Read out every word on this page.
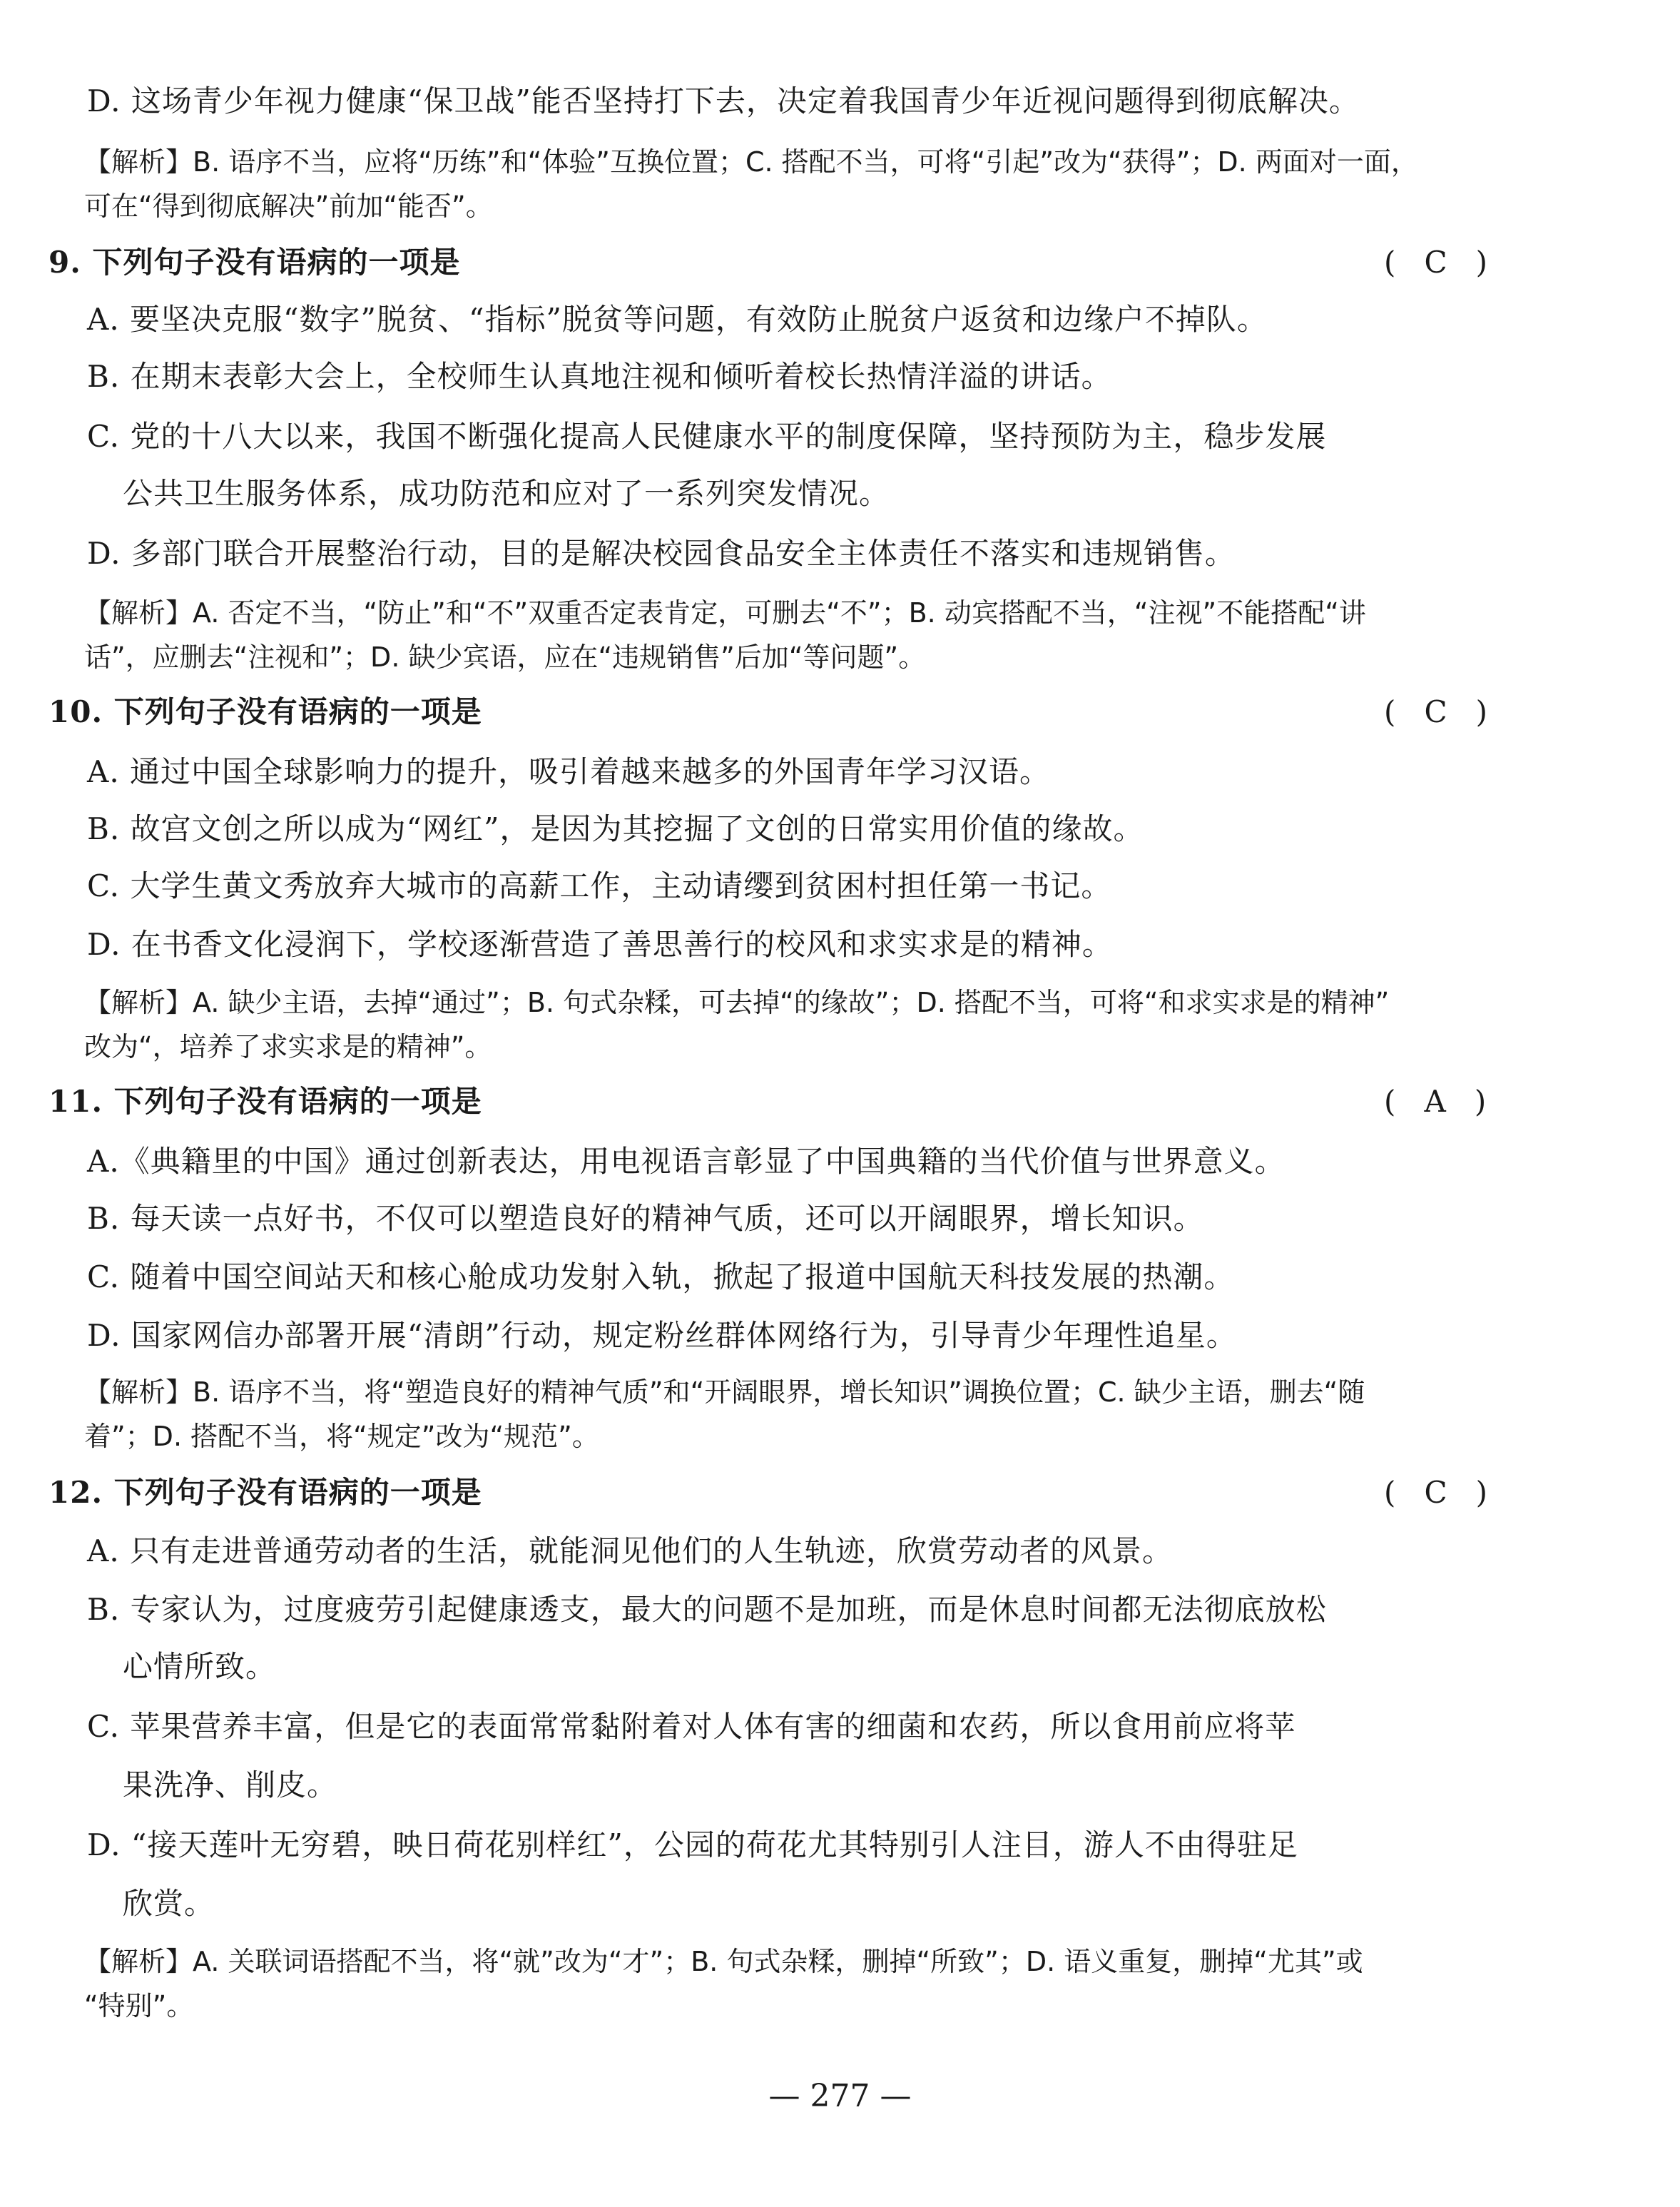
D. 这场青少年视力健康“保卫战”能否坚持打下去，决定着我国青少年近视问题得到彻底解决。
【解析】B. 语序不当，应将“历练”和“体验”互换位置；C. 搭配不当，可将“引起”改为“获得”；D. 两面对一面，
可在“得到彻底解决”前加“能否”。
9. 下列句子没有语病的一项是	(   C   )
A. 要坚决克服“数字”脱贫、“指标”脱贫等问题，有效防止脱贫户返贫和边缘户不掉队。
B. 在期末表彰大会上，全校师生认真地注视和倾听着校长热情洋溢的讲话。
C. 党的十八大以来，我国不断强化提高人民健康水平的制度保障，坚持预防为主，稳步发展
公共卫生服务体系，成功防范和应对了一系列突发情况。
D. 多部门联合开展整治行动，目的是解决校园食品安全主体责任不落实和违规销售。
【解析】A. 否定不当，“防止”和“不”双重否定表肯定，可删去“不”；B. 动宾搭配不当，“注视”不能搭配“讲
话”，应删去“注视和”；D. 缺少宾语，应在“违规销售”后加“等问题”。
10. 下列句子没有语病的一项是	(   C   )
A. 通过中国全球影响力的提升，吸引着越来越多的外国青年学习汉语。
B. 故宫文创之所以成为“网红”，是因为其挖掘了文创的日常实用价值的缘故。
C. 大学生黄文秀放弃大城市的高薪工作，主动请缨到贫困村担任第一书记。
D. 在书香文化浸润下，学校逐渐营造了善思善行的校风和求实求是的精神。
【解析】A. 缺少主语，去掉“通过”；B. 句式杂糅，可去掉“的缘故”；D. 搭配不当，可将“和求实求是的精神”
改为“，培养了求实求是的精神”。
11. 下列句子没有语病的一项是	(   A   )
A.《典籍里的中国》通过创新表达，用电视语言彰显了中国典籍的当代价值与世界意义。
B. 每天读一点好书，不仅可以塑造良好的精神气质，还可以开阔眼界，增长知识。
C. 随着中国空间站天和核心舱成功发射入轨，掀起了报道中国航天科技发展的热潮。
D. 国家网信办部署开展“清朗”行动，规定粉丝群体网络行为，引导青少年理性追星。
【解析】B. 语序不当，将“塑造良好的精神气质”和“开阔眼界，增长知识”调换位置；C. 缺少主语，删去“随
着”；D. 搭配不当，将“规定”改为“规范”。
12. 下列句子没有语病的一项是	(   C   )
A. 只有走进普通劳动者的生活，就能洞见他们的人生轨迹，欣赏劳动者的风景。
B. 专家认为，过度疲劳引起健康透支，最大的问题不是加班，而是休息时间都无法彻底放松
心情所致。
C. 苹果营养丰富，但是它的表面常常黏附着对人体有害的细菌和农药，所以食用前应将苹
果洗净、削皮。
D. “接天莲叶无穷碧，映日荷花别样红”，公园的荷花尤其特别引人注目，游人不由得驻足
欣赏。
【解析】A. 关联词语搭配不当，将“就”改为“才”；B. 句式杂糅，删掉“所致”；D. 语义重复，删掉“尤其”或
“特别”。
— 277 —
